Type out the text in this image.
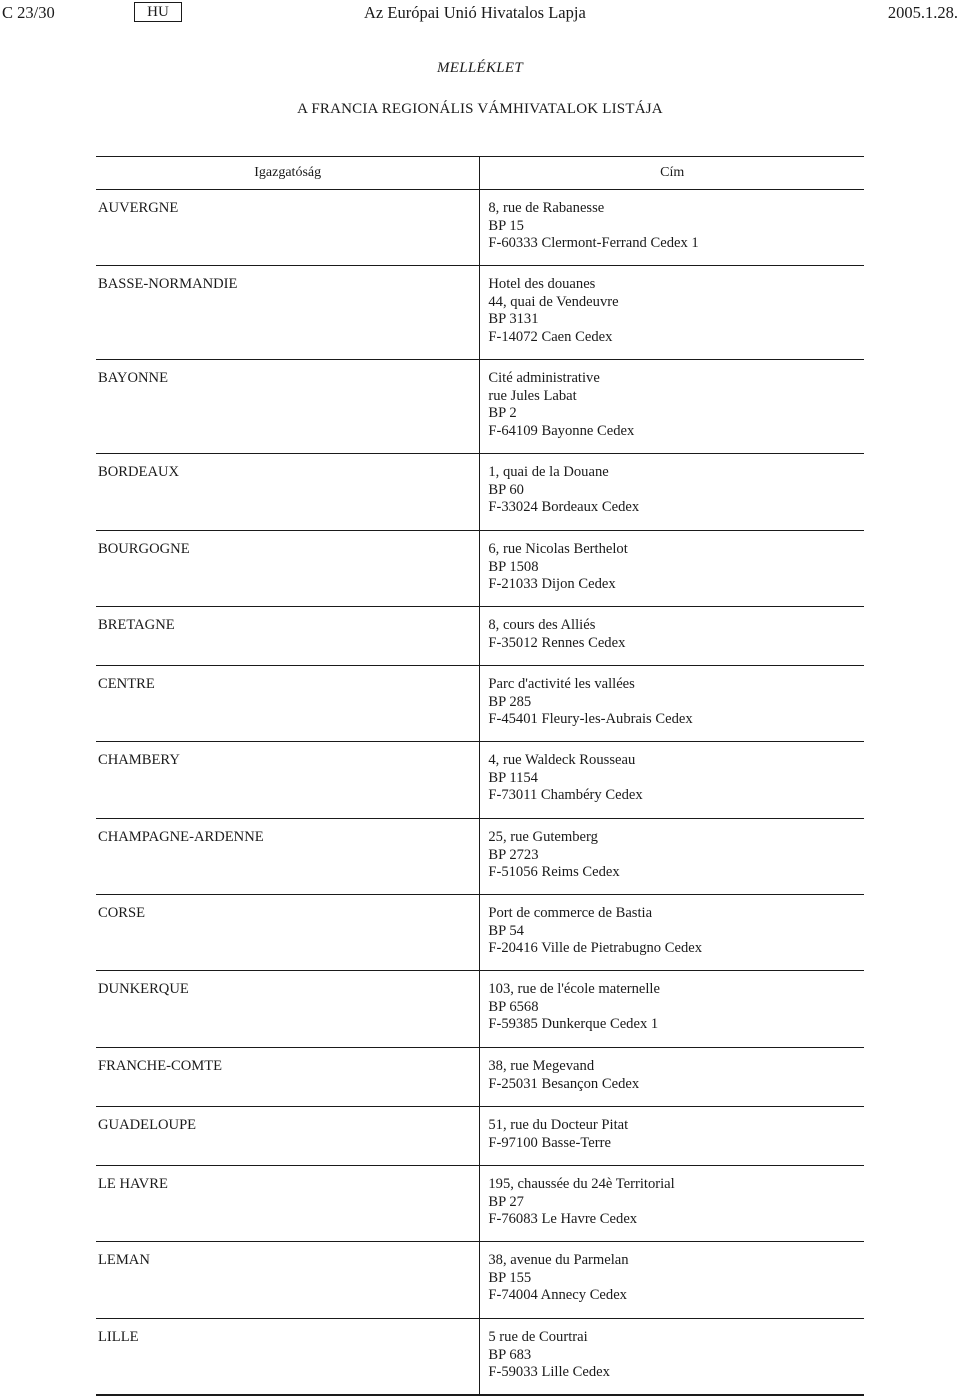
C 23/30	HU	Az Európai Unió Hivatalos Lapja	2005.1.28.
MELLÉKLET
A FRANCIA REGIONÁLIS VÁMHIVATALOK LISTÁJA
Igazgatóság	Cím

AUVERGNE	8, rue de Rabanesse
BP 15
F-60333 Clermont-Ferrand Cedex 1

BASSE-NORMANDIE	Hotel des douanes
44, quai de Vendeuvre
BP 3131
F-14072 Caen Cedex

BAYONNE	Cité administrative
rue Jules Labat
BP 2
F-64109 Bayonne Cedex

BORDEAUX	1, quai de la Douane
BP 60
F-33024 Bordeaux Cedex

BOURGOGNE	6, rue Nicolas Berthelot
BP 1508
F-21033 Dijon Cedex

BRETAGNE	8, cours des Alliés
F-35012 Rennes Cedex

CENTRE	Parc d'activité les vallées
BP 285
F-45401 Fleury-les-Aubrais Cedex

CHAMBERY	4, rue Waldeck Rousseau
BP 1154
F-73011 Chambéry Cedex

CHAMPAGNE-ARDENNE	25, rue Gutemberg
BP 2723
F-51056 Reims Cedex

CORSE	Port de commerce de Bastia
BP 54
F-20416 Ville de Pietrabugno Cedex

DUNKERQUE	103, rue de l'école maternelle
BP 6568
F-59385 Dunkerque Cedex 1

FRANCHE-COMTE	38, rue Megevand
F-25031 Besançon Cedex

GUADELOUPE	51, rue du Docteur Pitat
F-97100 Basse-Terre

LE HAVRE	195, chaussée du 24è Territorial
BP 27
F-76083 Le Havre Cedex

LEMAN	38, avenue du Parmelan
BP 155
F-74004 Annecy Cedex

LILLE	5 rue de Courtrai
BP 683
F-59033 Lille Cedex
